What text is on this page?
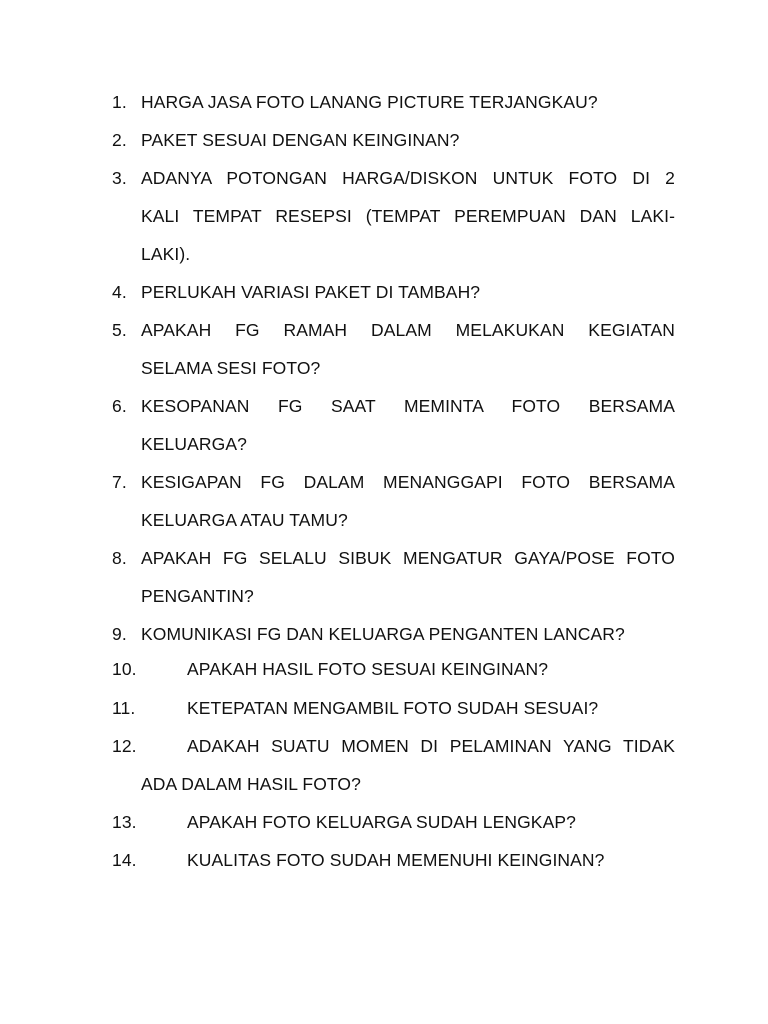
1. HARGA JASA FOTO LANANG PICTURE TERJANGKAU?
2. PAKET SESUAI DENGAN KEINGINAN?
3. ADANYA POTONGAN HARGA/DISKON UNTUK FOTO DI 2
KALI TEMPAT RESEPSI (TEMPAT PEREMPUAN DAN LAKI-
LAKI).
4. PERLUKAH VARIASI PAKET DI TAMBAH?
5. APAKAH FG RAMAH DALAM MELAKUKAN KEGIATAN
SELAMA SESI FOTO?
6. KESOPANAN FG SAAT MEMINTA FOTO BERSAMA
KELUARGA?
7. KESIGAPAN FG DALAM MENANGGAPI FOTO BERSAMA
KELUARGA ATAU TAMU?
8. APAKAH FG SELALU SIBUK MENGATUR GAYA/POSE FOTO
PENGANTIN?
9. KOMUNIKASI FG DAN KELUARGA PENGANTEN LANCAR?
10.	APAKAH HASIL FOTO SESUAI KEINGINAN?
11.	KETEPATAN MENGAMBIL FOTO SUDAH SESUAI?
12.	ADAKAH SUATU MOMEN DI PELAMINAN YANG TIDAK
ADA DALAM HASIL FOTO?
13.	APAKAH FOTO KELUARGA SUDAH LENGKAP?
14.	KUALITAS FOTO SUDAH MEMENUHI KEINGINAN?
